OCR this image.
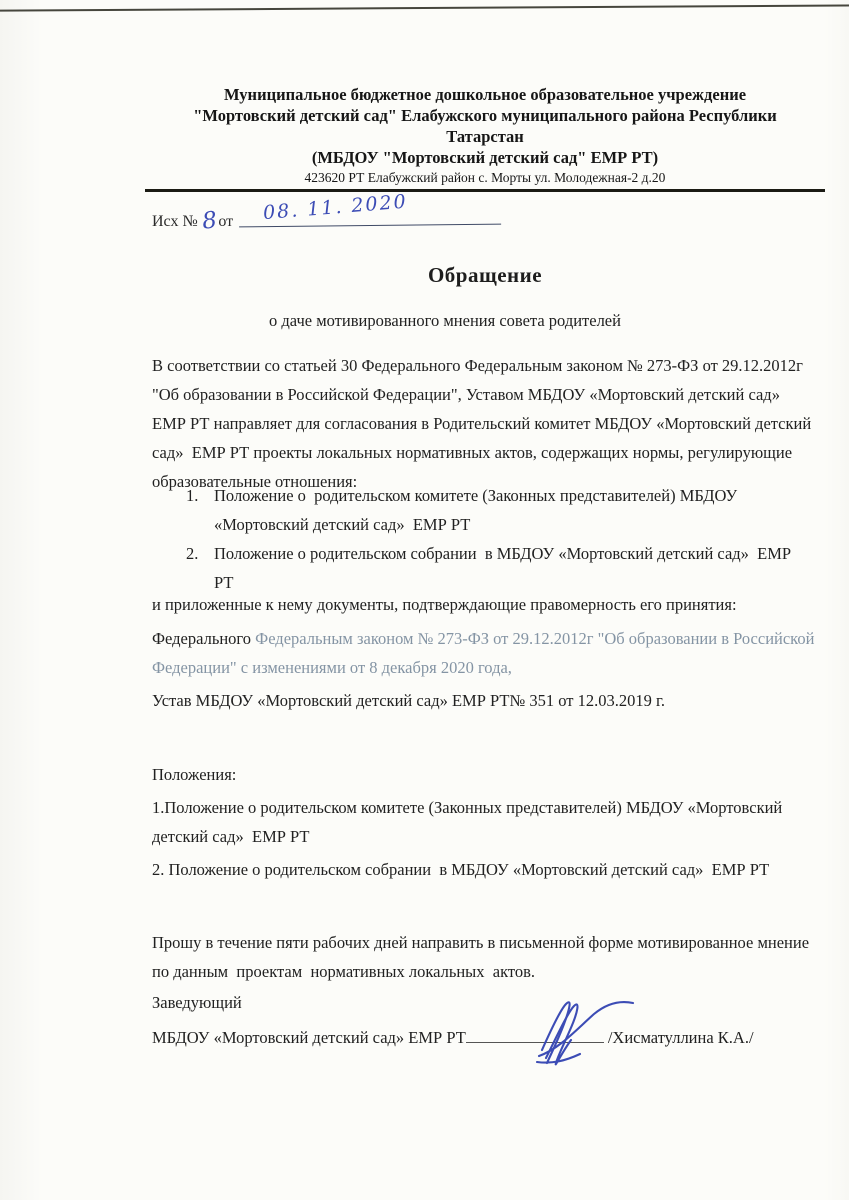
Муниципальное бюджетное дошкольное образовательное учреждение
"Мортовский детский сад" Елабужского муниципального района Республики
Татарстан
(МБДОУ "Мортовский детский сад" ЕМР РТ)
423620 РТ Елабужский район с. Морты ул. Молодежная-2 д.20
Исх № 8от 08. 11. 2020
Обращение
о даче мотивированного мнения совета родителей
В соответствии со статьей 30 Федерального Федеральным законом № 273-ФЗ от 29.12.2012г "Об образовании в Российской Федерации", Уставом МБДОУ «Мортовский детский сад» ЕМР РТ направляет для согласования в Родительский комитет МБДОУ «Мортовский детский сад»  ЕМР РТ проекты локальных нормативных актов, содержащих нормы, регулирующие образовательные отношения:
1. Положение о  родительском комитете (Законных представителей) МБДОУ «Мортовский детский сад»  ЕМР РТ
2. Положение о родительском собрании  в МБДОУ «Мортовский детский сад»  ЕМР РТ
и приложенные к нему документы, подтверждающие правомерность его принятия:
Федерального Федеральным законом № 273-ФЗ от 29.12.2012г "Об образовании в Российской Федерации" с изменениями от 8 декабря 2020 года,
Устав МБДОУ «Мортовский детский сад» ЕМР РТ№ 351 от 12.03.2019 г.
Положения:
1.Положение о родительском комитете (Законных представителей) МБДОУ «Мортовский детский сад»  ЕМР РТ
2. Положение о родительском собрании  в МБДОУ «Мортовский детский сад»  ЕМР РТ
Прошу в течение пяти рабочих дней направить в письменной форме мотивированное мнение по данным  проектам  нормативных локальных  актов.
Заведующий
МБДОУ «Мортовский детский сад» ЕМР РТ	/Хисматуллина К.А./
